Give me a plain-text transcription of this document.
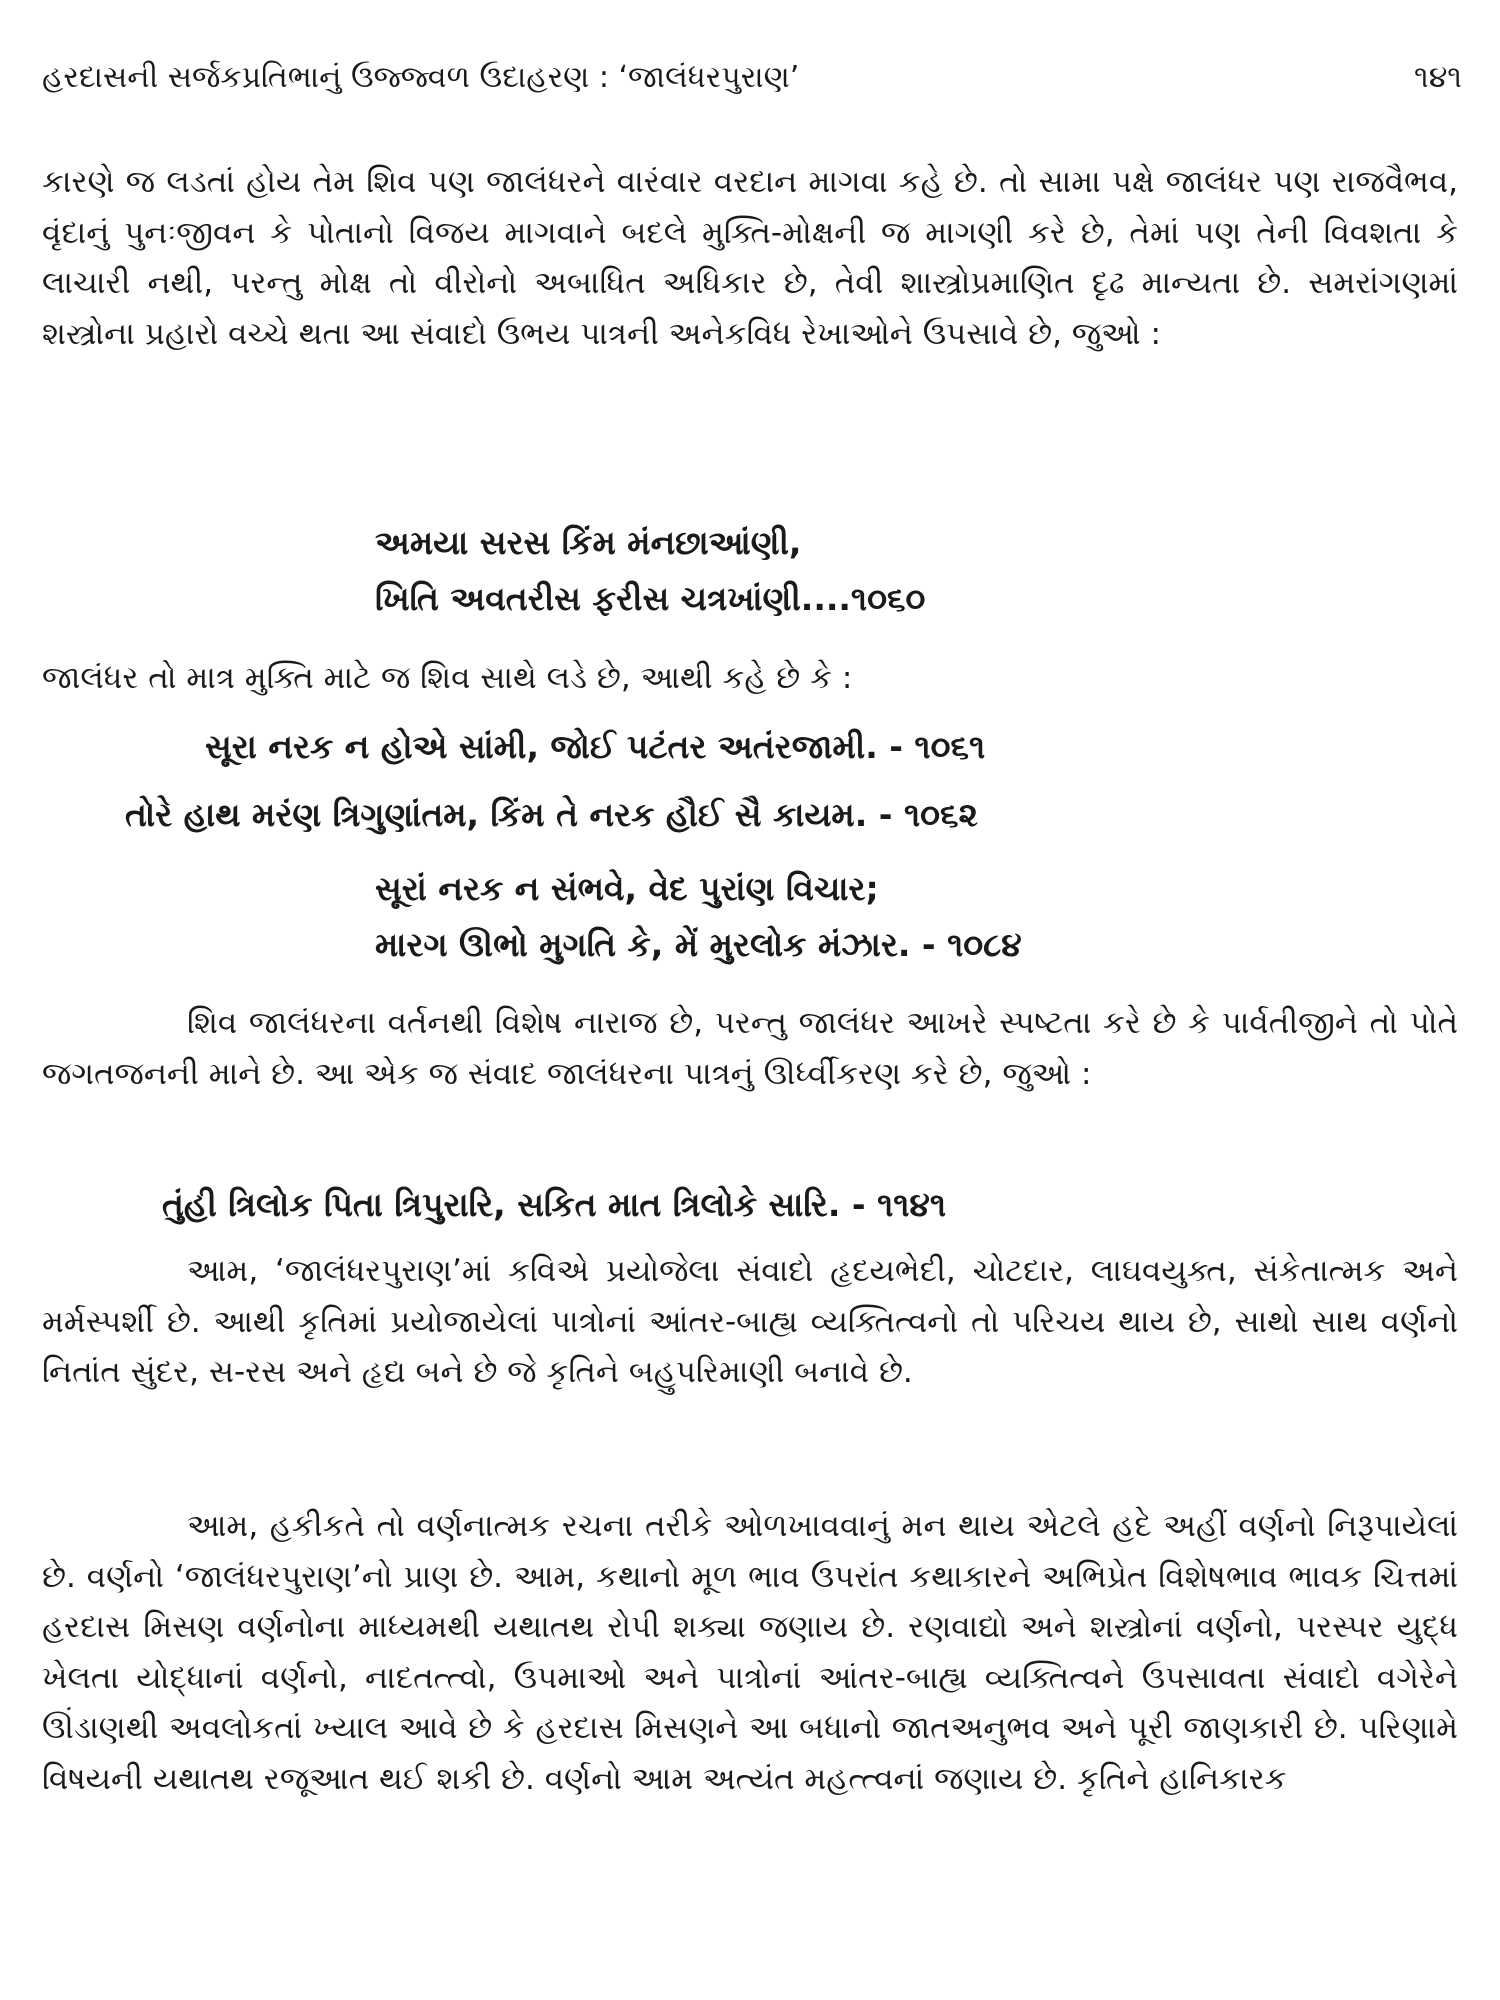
હરદાસની સર્જકપ્રતિભાનું ઉજ્જ્વળ ઉદાહરણ : ‘જાલંધરપુરાણ’	૧૪૧

કારણે જ લડતાં હોય તેમ શિવ પણ જાલંધરને વારંવાર વરદાન માગવા કહે છે. તો સામા પક્ષે જાલંધર પણ રાજવૈભવ, વૃંદાનું પુનઃજીવન કે પોતાનો વિજય માગવાને બદલે મુક્તિ-મોક્ષની જ માગણી કરે છે, તેમાં પણ તેની વિવશતા કે લાચારી નથી, પરન્તુ મોક્ષ તો વીરોનો અબાધિત અધિકાર છે, તેવી શાસ્ત્રોપ્રમાણિત દૃઢ માન્યતા છે. સમરાંગણમાં શસ્ત્રોના પ્રહારો વચ્ચે થતા આ સંવાદો ઉભય પાત્રની અનેકવિધ રેખાઓને ઉપસાવે છે, જુઓ :

અમયા સરસ કિંમ મંનછાઆંણી,
ખિતિ અવતરીસ ફરીસ ચત્રખાંણી....૧૦૬૦

જાલંધર તો માત્ર મુક્તિ માટે જ શિવ સાથે લડે છે, આથી કહે છે કે :

સૂરા નરક ન હોએ સાંમી, જોઈ પટંતર અતંરજામી. - ૧૦૬૧
તોરે હાથ મરંણ ત્રિગુણાંતમ, કિંમ તે નરક હૌઈ સૈ કાયમ. - ૧૦૬૨
સૂરાં નરક ન સંભવે, વેદ પુરાંણ વિચાર;
મારગ ઊભો મુગતિ કે, મેં મુરલોક મંઝાર. - ૧૦૮૪

શિવ જાલંધરના વર્તનથી વિશેષ નારાજ છે, પરન્તુ જાલંધર આખરે સ્પષ્ટતા કરે છે કે પાર્વતીજીને તો પોતે જગતજનની માને છે. આ એક જ સંવાદ જાલંધરના પાત્રનું ઊર્ધ્વીકરણ કરે છે, જુઓ :

તુંહી ત્રિલોક પિતા ત્રિપુરારિ, સકિત માત ત્રિલોકે સારિ. - ૧૧૪૧

આમ, ‘જાલંધરપુરાણ’માં કવિએ પ્રયોજેલા સંવાદો હૃદયભેદી, ચોટદાર, લાઘવયુક્ત, સંકેતાત્મક અને મર્મસ્પર્શી છે. આથી કૃતિમાં પ્રયોજાયેલાં પાત્રોનાં આંતર-બાહ્ય વ્યક્તિત્વનો તો પરિચય થાય છે, સાથો સાથ વર્ણનો નિતાંત સુંદર, સ-રસ અને હૃદ્ય બને છે જે કૃતિને બહુપરિમાણી બનાવે છે.

આમ, હકીકતે તો વર્ણનાત્મક રચના તરીકે ઓળખાવવાનું મન થાય એટલે હદે અહીં વર્ણનો નિરૂપાયેલાં છે. વર્ણનો ‘જાલંધરપુરાણ’નો પ્રાણ છે. આમ, કથાનો મૂળ ભાવ ઉપરાંત કથાકારને અભિપ્રેત વિશેષભાવ ભાવક ચિત્તમાં હરદાસ મિસણ વર્ણનોના માધ્યમથી યથાતથ રોપી શક્યા જણાય છે. રણવાદ્યો અને શસ્ત્રોનાં વર્ણનો, પરસ્પર યુદ્ધ ખેલતા યોદ્ધાનાં વર્ણનો, નાદતત્ત્વો, ઉપમાઓ અને પાત્રોનાં આંતર-બાહ્ય વ્યક્તિત્વને ઉપસાવતા સંવાદો વગેરેને ઊંડાણથી અવલોકતાં ખ્યાલ આવે છે કે હરદાસ મિસણને આ બધાનો જાતઅનુભવ અને પૂરી જાણકારી છે. પરિણામે વિષયની યથાતથ રજૂઆત થઈ શકી છે. વર્ણનો આમ અત્યંત મહત્ત્વનાં જણાય છે. કૃતિને હાનિકારક
